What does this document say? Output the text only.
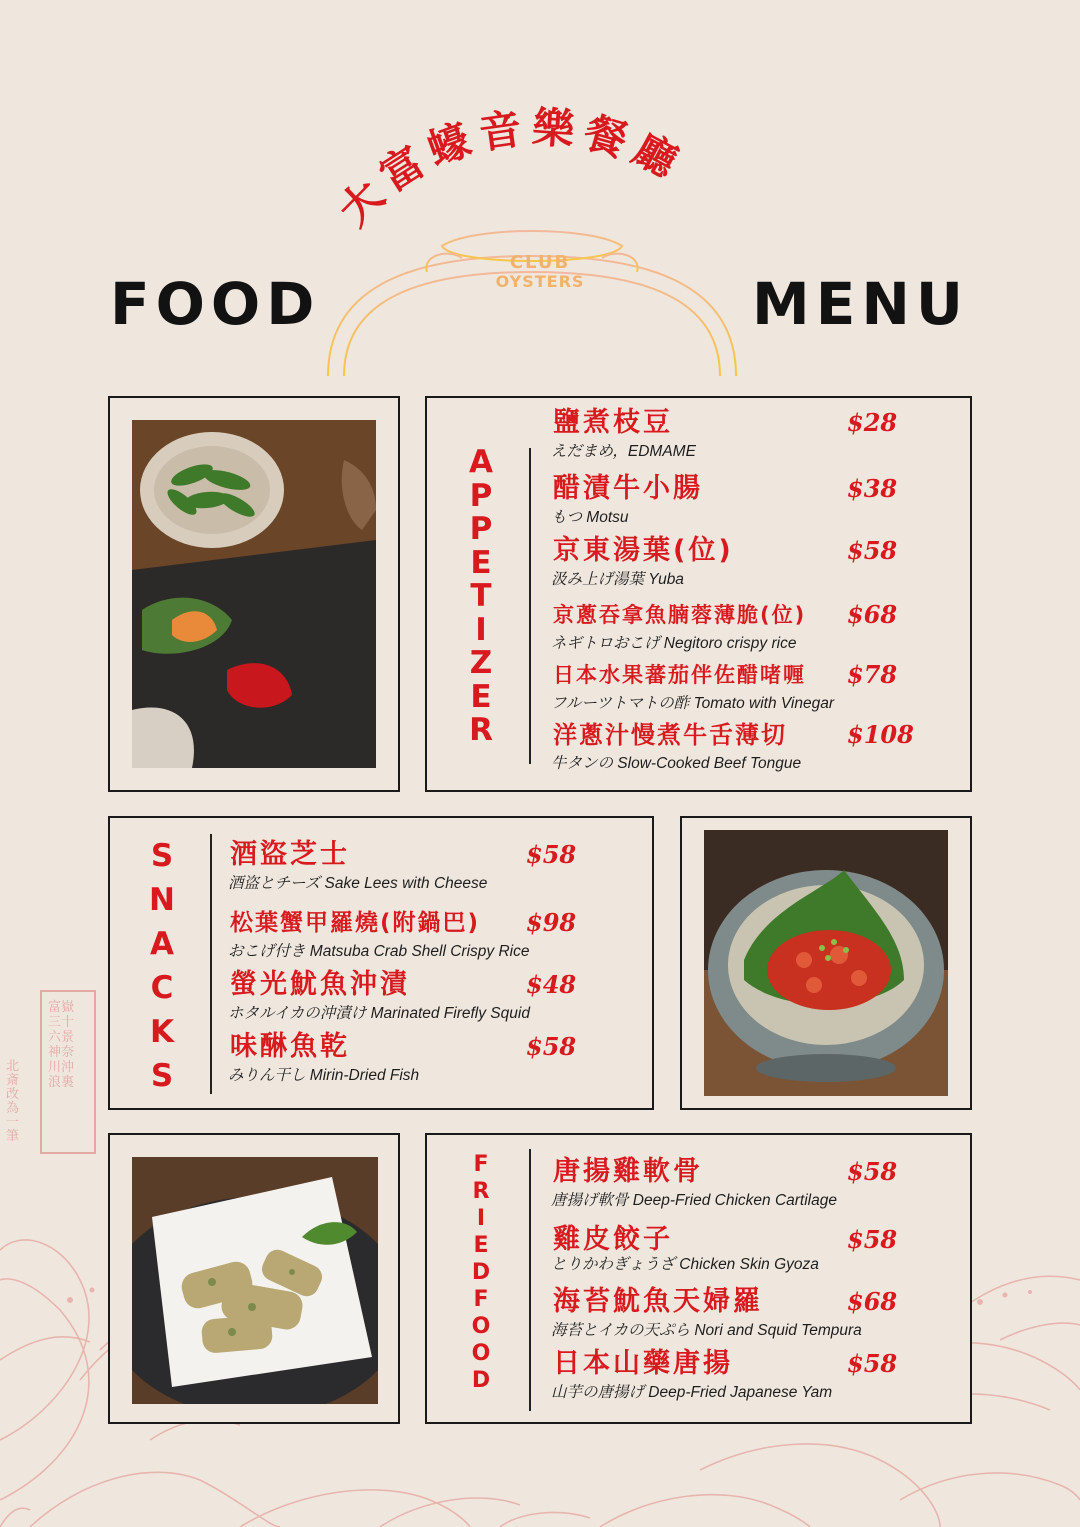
富嶽三十六景 神奈川沖浪裏
北斎改為一筆
大富蠔音樂餐廳
CLUB
OYSTERS
FOOD	MENU
A
P
P
E
T
I
Z
E
R
鹽煮枝豆	$28
えだまめ，EDMAME
醋漬牛小腸	$38
もつ Motsu
京東湯葉(位)	$58
汲み上げ湯葉 Yuba
京蔥吞拿魚腩蓉薄脆(位) $68
ネギトロおこげ Negitoro crispy rice
日本水果蕃茄伴佐醋啫喱 $78
フルーツトマトの酢 Tomato with Vinegar
洋蔥汁慢煮牛舌薄切	$108
牛タンの Slow-Cooked Beef Tongue
S
N
A
C
K
S
酒盜芝士	$58
酒盗とチーズ Sake Lees with Cheese
松葉蟹甲羅燒(附鍋巴) $98
おこげ付き Matsuba Crab Shell Crispy Rice
螢光魷魚沖漬	$48
ホタルイカの沖漬け Marinated Firefly Squid
味醂魚乾	$58
みりん干し Mirin-Dried Fish
F
R
I
E
D
F
O
O
D
唐揚雞軟骨	$58
唐揚げ軟骨 Deep-Fried Chicken Cartilage
雞皮餃子	$58
とりかわぎょうざ Chicken Skin Gyoza
海苔魷魚天婦羅	$68
海苔とイカの天ぷら Nori and Squid Tempura
日本山藥唐揚	$58
山芋の唐揚げ Deep-Fried Japanese Yam
